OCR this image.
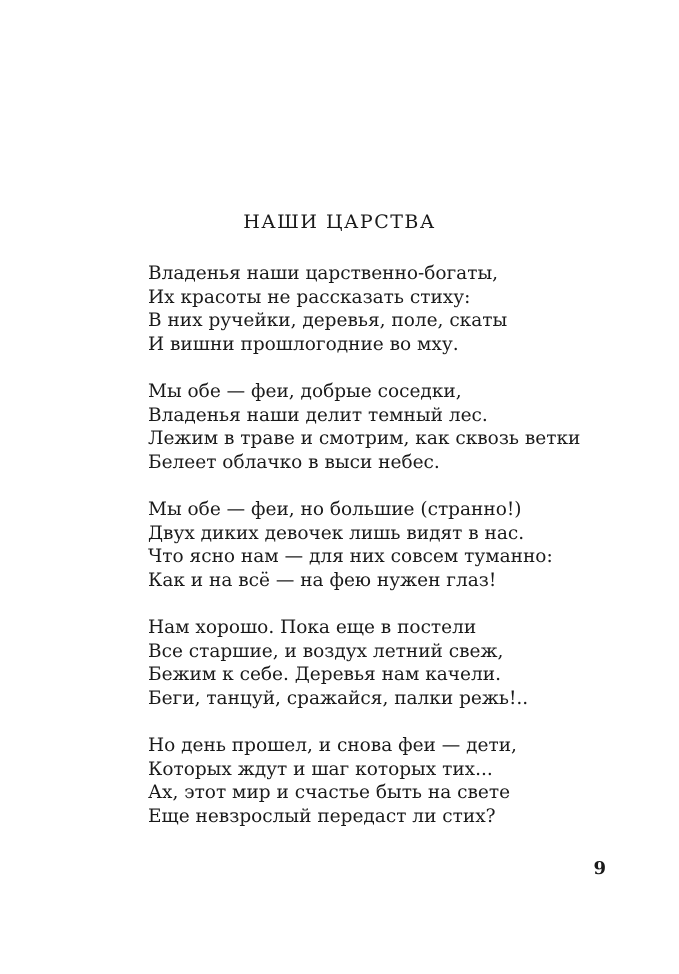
НАШИ ЦАРСТВА
Владенья наши царственно-богаты,
Их красоты не рассказать стиху:
В них ручейки, деревья, поле, скаты
И вишни прошлогодние во мху.
Мы обе — феи, добрые соседки,
Владенья наши делит темный лес.
Лежим в траве и смотрим, как сквозь ветки
Белеет облачко в выси небес.
Мы обе — феи, но большие (странно!)
Двух диких девочек лишь видят в нас.
Что ясно нам — для них совсем туманно:
Как и на всё — на фею нужен глаз!
Нам хорошо. Пока еще в постели
Все старшие, и воздух летний свеж,
Бежим к себе. Деревья нам качели.
Беги, танцуй, сражайся, палки режь!..
Но день прошел, и снова феи — дети,
Которых ждут и шаг которых тих...
Ах, этот мир и счастье быть на свете
Еще невзрослый передаст ли стих?
9
